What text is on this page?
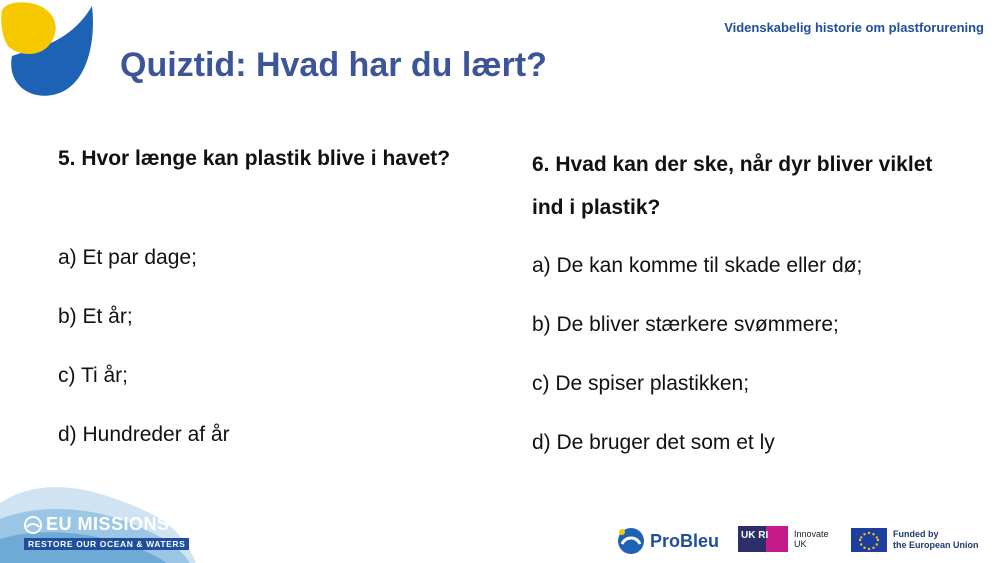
Videnskabelig historie om plastforurening
Quiztid: Hvad har du lært?

5. Hvor længe kan plastik blive i havet?

a) Et par dage;

b) Et år;

c) Ti år;

d) Hundreder af år

6. Hvad kan der ske, når dyr bliver viklet ind i plastik?

a) De kan komme til skade eller dø;

b) De bliver stærkere svømmere;

c) De spiser plastikken;

d) De bruger det som et ly

EU MISSIONS
RESTORE OUR OCEAN & WATERS	ProBleu UK RI	Innovate
UK
Funded by
the European Union
